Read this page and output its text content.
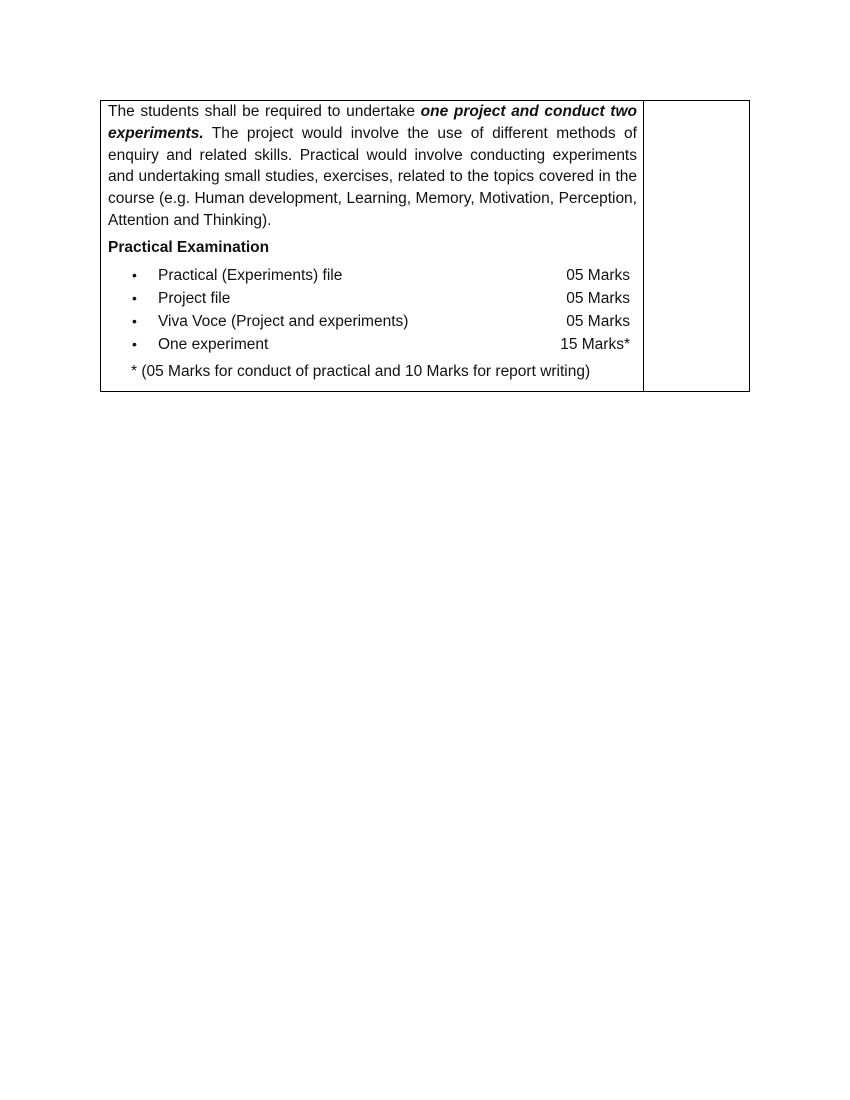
The students shall be required to undertake one project and conduct two experiments. The project would involve the use of different methods of enquiry and related skills. Practical would involve conducting experiments and undertaking small studies, exercises, related to the topics covered in the course (e.g. Human development, Learning, Memory, Motivation, Perception, Attention and Thinking).

Practical Examination
• Practical (Experiments) file	05 Marks
• Project file	05 Marks
• Viva Voce (Project and experiments)	05 Marks
• One experiment	15 Marks*
* (05 Marks for conduct of practical and 10 Marks for report writing)
